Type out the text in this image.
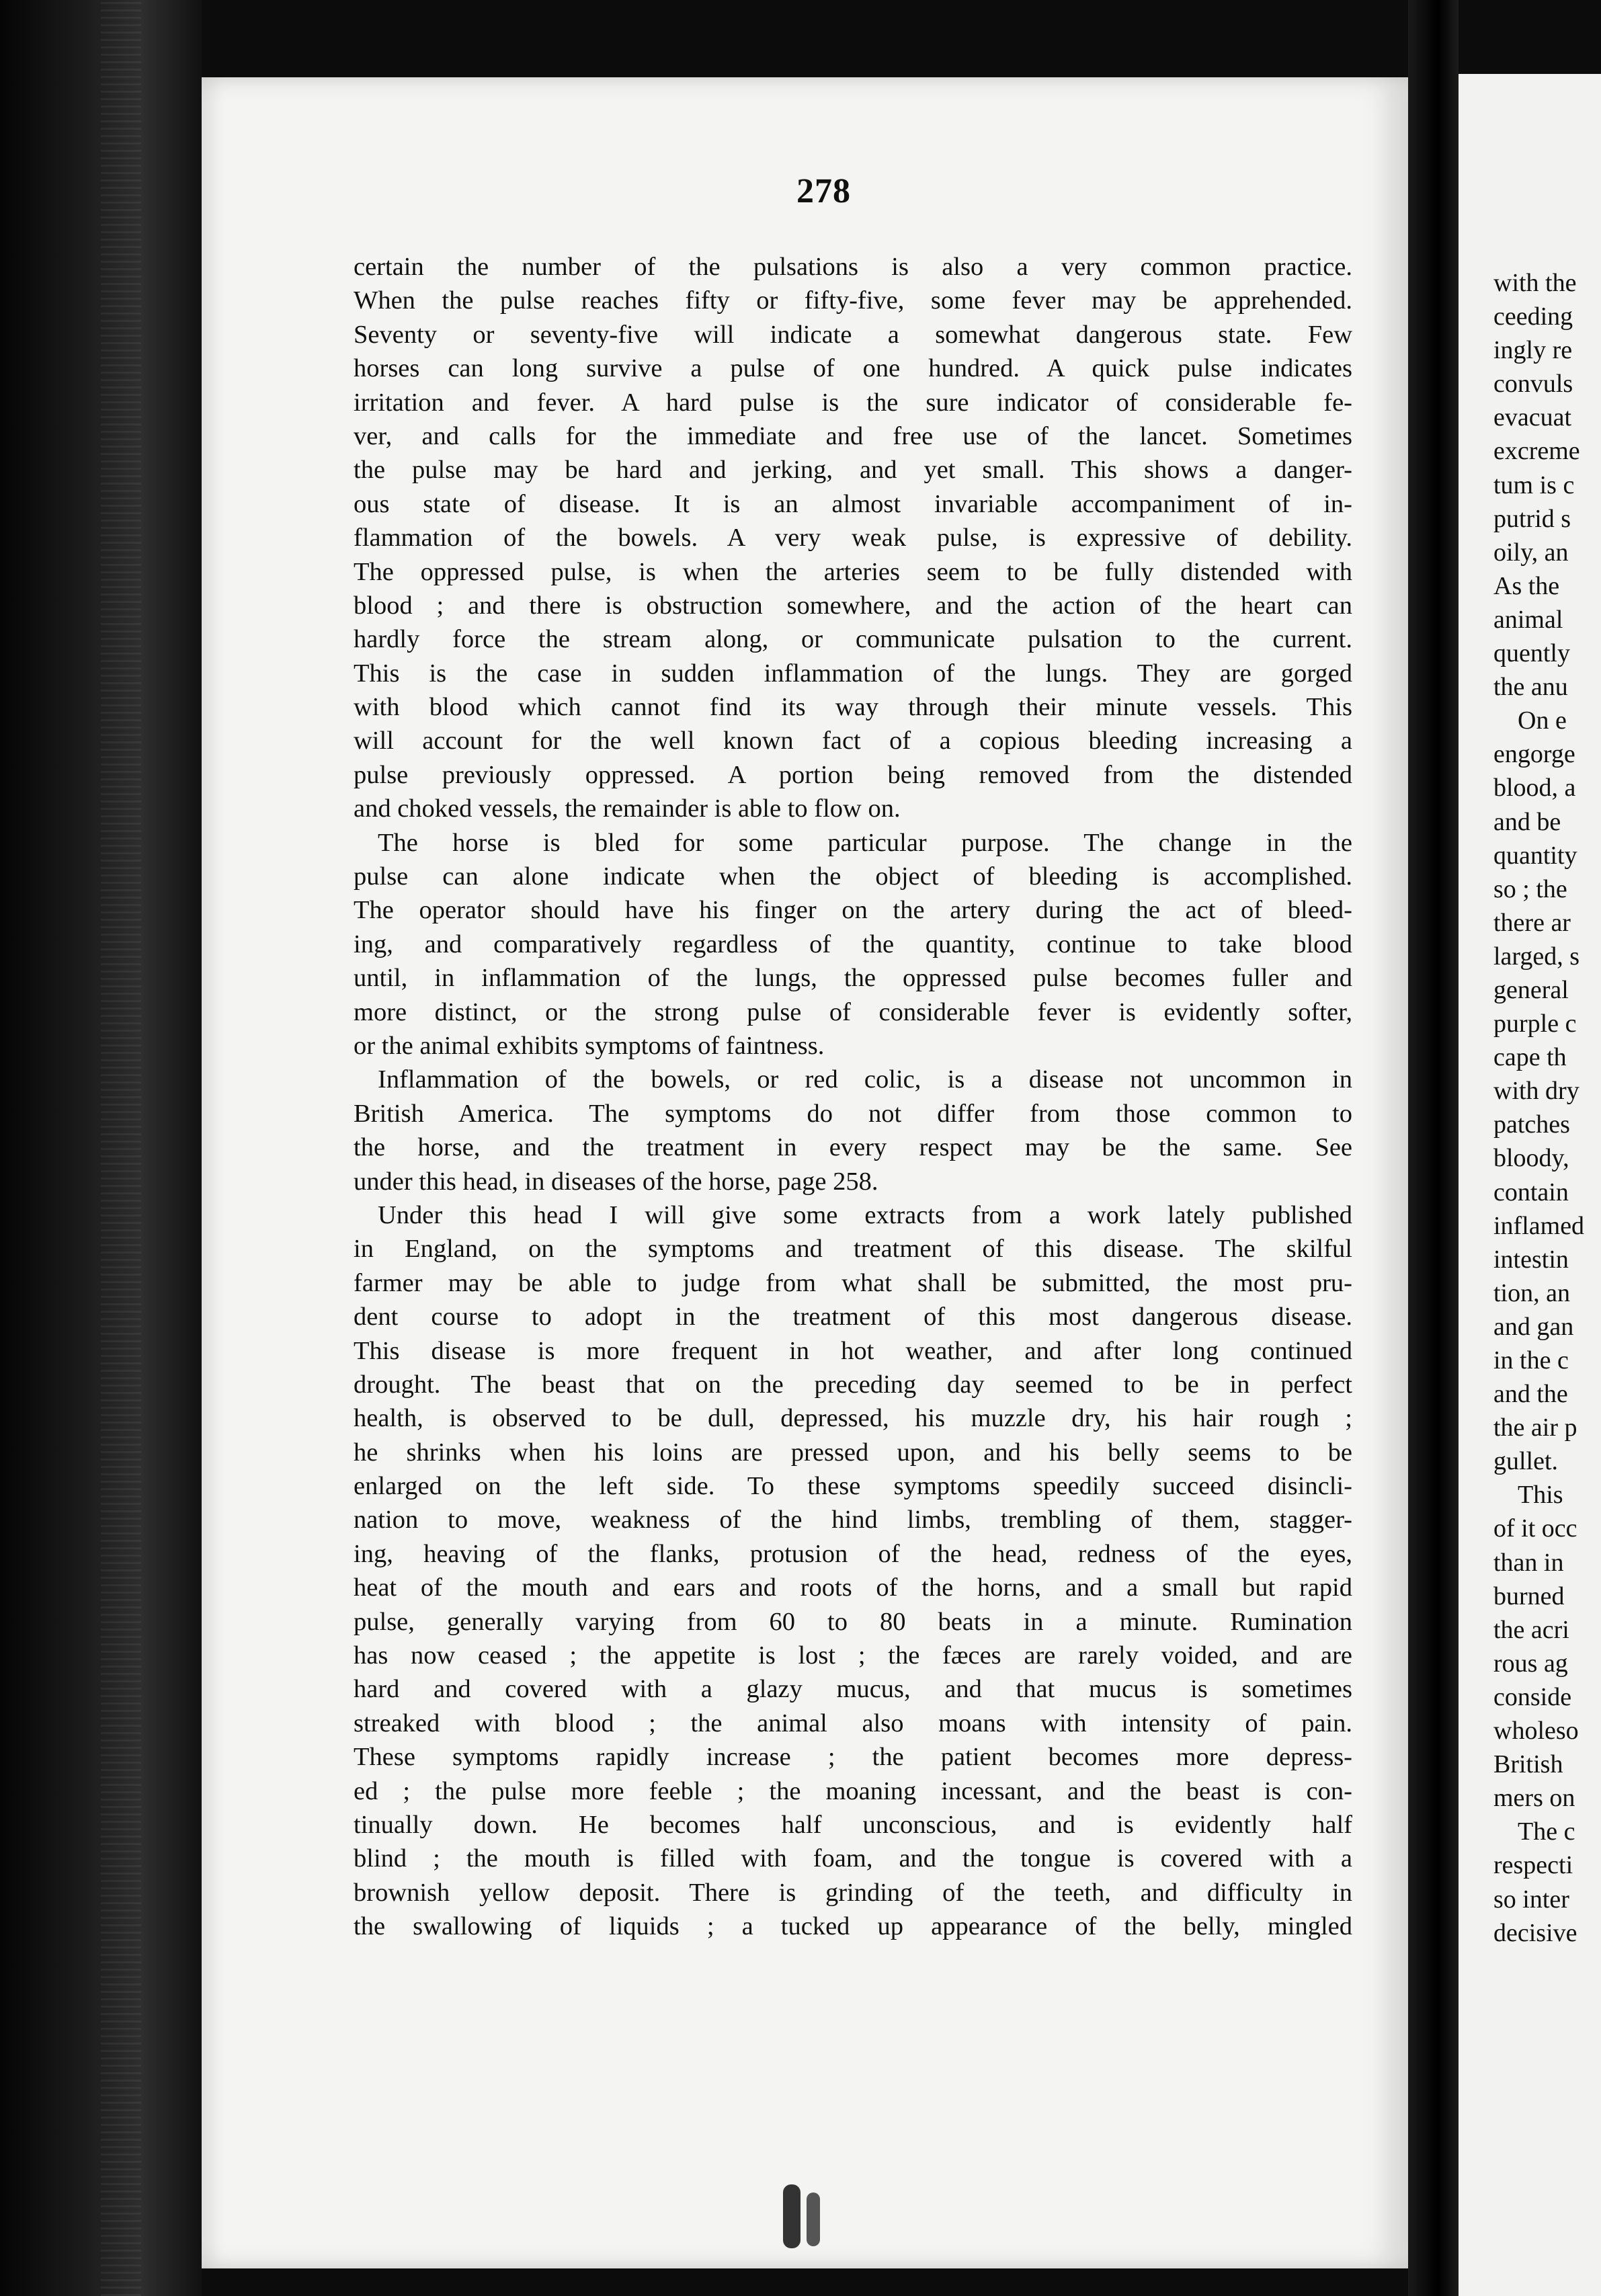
278
certain the number of the pulsations is also a very common practice.
When the pulse reaches fifty or fifty-five, some fever may be apprehended.
Seventy or seventy-five will indicate a somewhat dangerous state. Few
horses can long survive a pulse of one hundred. A quick pulse indicates
irritation and fever. A hard pulse is the sure indicator of considerable fe-
ver, and calls for the immediate and free use of the lancet. Sometimes
the pulse may be hard and jerking, and yet small. This shows a danger-
ous state of disease. It is an almost invariable accompaniment of in-
flammation of the bowels. A very weak pulse, is expressive of debility.
The oppressed pulse, is when the arteries seem to be fully distended with
blood ; and there is obstruction somewhere, and the action of the heart can
hardly force the stream along, or communicate pulsation to the current.
This is the case in sudden inflammation of the lungs. They are gorged
with blood which cannot find its way through their minute vessels. This
will account for the well known fact of a copious bleeding increasing a
pulse previously oppressed. A portion being removed from the distended
and choked vessels, the remainder is able to flow on.
The horse is bled for some particular purpose. The change in the
pulse can alone indicate when the object of bleeding is accomplished.
The operator should have his finger on the artery during the act of bleed-
ing, and comparatively regardless of the quantity, continue to take blood
until, in inflammation of the lungs, the oppressed pulse becomes fuller and
more distinct, or the strong pulse of considerable fever is evidently softer,
or the animal exhibits symptoms of faintness.
Inflammation of the bowels, or red colic, is a disease not uncommon in
British America. The symptoms do not differ from those common to
the horse, and the treatment in every respect may be the same. See
under this head, in diseases of the horse, page 258.
Under this head I will give some extracts from a work lately published
in England, on the symptoms and treatment of this disease. The skilful
farmer may be able to judge from what shall be submitted, the most pru-
dent course to adopt in the treatment of this most dangerous disease.
This disease is more frequent in hot weather, and after long continued
drought. The beast that on the preceding day seemed to be in perfect
health, is observed to be dull, depressed, his muzzle dry, his hair rough ;
he shrinks when his loins are pressed upon, and his belly seems to be
enlarged on the left side. To these symptoms speedily succeed disincli-
nation to move, weakness of the hind limbs, trembling of them, stagger-
ing, heaving of the flanks, protusion of the head, redness of the eyes,
heat of the mouth and ears and roots of the horns, and a small but rapid
pulse, generally varying from 60 to 80 beats in a minute. Rumination
has now ceased ; the appetite is lost ; the fæces are rarely voided, and are
hard and covered with a glazy mucus, and that mucus is sometimes
streaked with blood ; the animal also moans with intensity of pain.
These symptoms rapidly increase ; the patient becomes more depress-
ed ; the pulse more feeble ; the moaning incessant, and the beast is con-
tinually down. He becomes half unconscious, and is evidently half
blind ; the mouth is filled with foam, and the tongue is covered with a
brownish yellow deposit. There is grinding of the teeth, and difficulty in
the swallowing of liquids ; a tucked up appearance of the belly, mingled
with the
ceeding
ingly re
convuls
evacuat
excreme
tum is c
putrid s
oily, an
As the
animal
quently
the anu
On e
engorge
blood, a
and be
quantity
so ; the
there ar
larged, s
general
purple c
cape th
with dry
patches
bloody,
contain
inflamed
intestin
tion, an
and gan
in the c
and the
the air p
gullet.
This
of it occ
than in
burned
the acri
rous ag
conside
wholeso
British
mers on
The c
respecti
so inter
decisive
